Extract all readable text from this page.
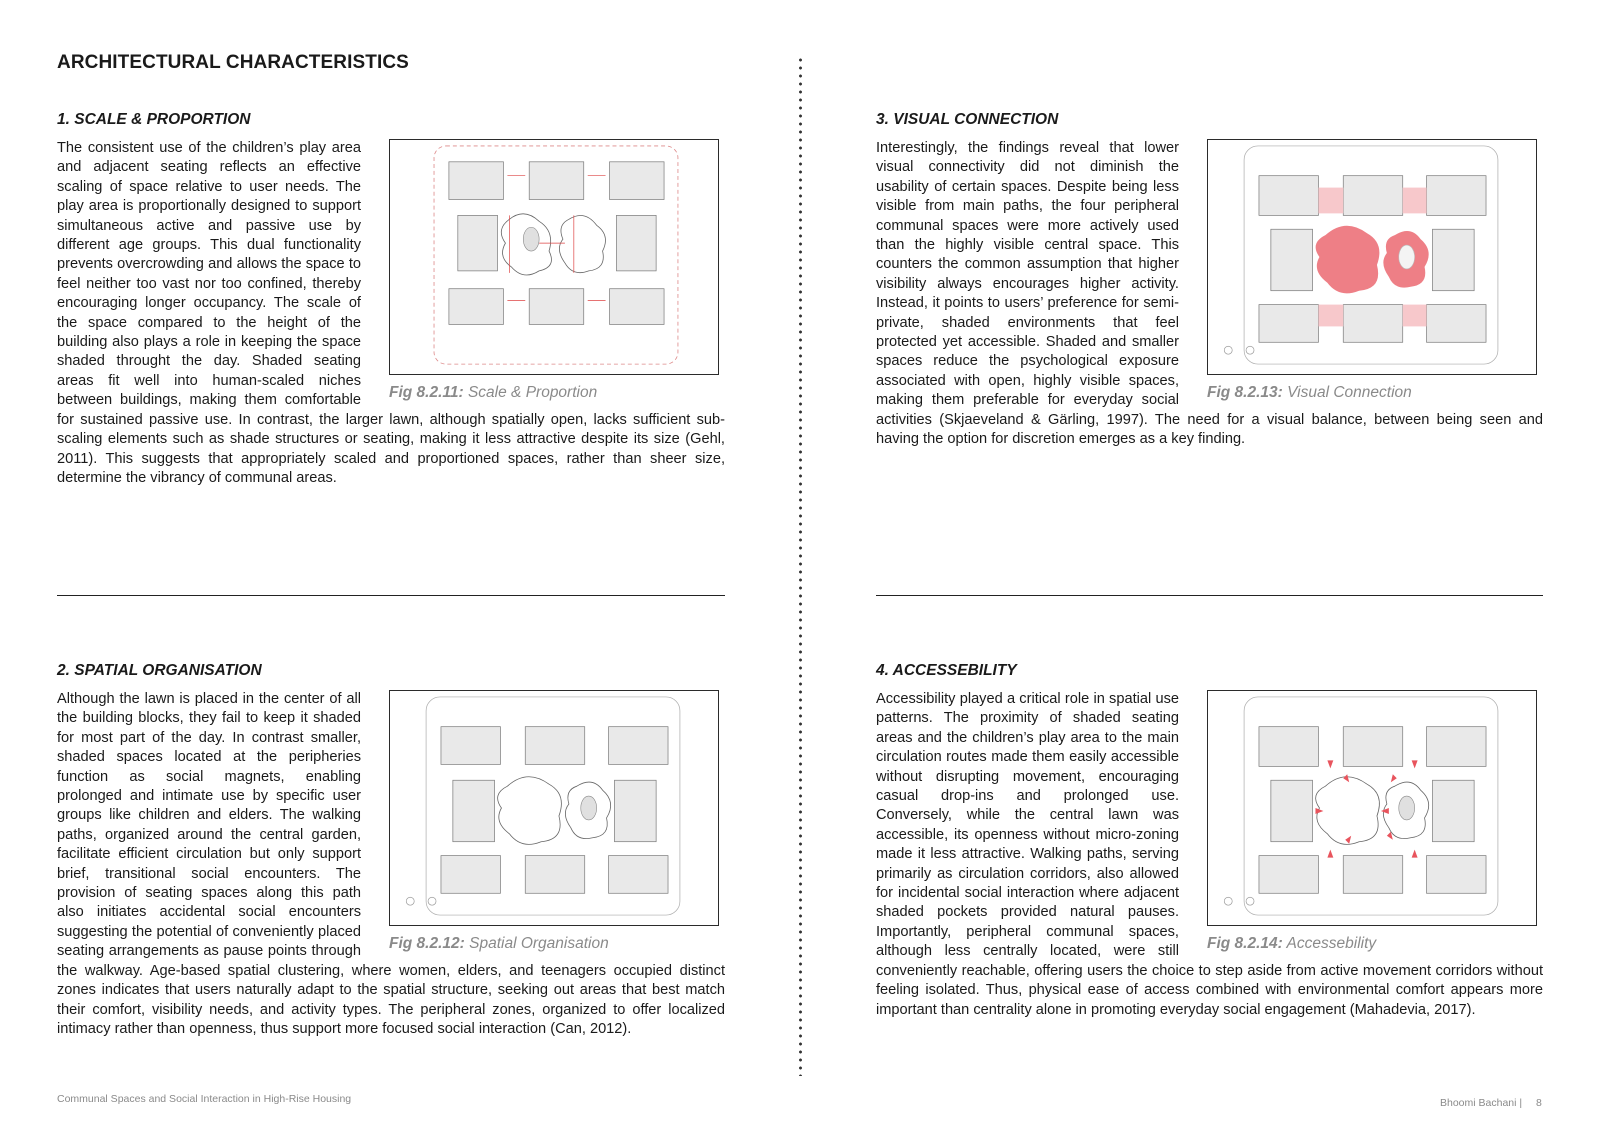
ARCHITECTURAL CHARACTERISTICS
1. SCALE & PROPORTION
Fig 8.2.11: Scale & Proportion

The consistent use of the children’s play area and adjacent seating reflects an effective scaling of space relative to user needs. The play area is proportionally designed to support simultaneous active and passive use by different age groups. This dual functionality prevents overcrowding and allows the space to feel neither too vast nor too confined, thereby encouraging longer occupancy. The scale of the space compared to the height of the building also plays a role in keeping the space shaded throught the day. Shaded seating areas fit well into human-scaled niches between buildings, making them comfortable for sustained passive use. In contrast, the larger lawn, although spatially open, lacks sufficient sub-scaling elements such as shade structures or seating, making it less attractive despite its size (Gehl, 2011). This suggests that appropriately scaled and proportioned spaces, rather than sheer size, determine the vibrancy of communal areas.

2. SPATIAL ORGANISATION
Fig 8.2.12: Spatial Organisation

Although the lawn is placed in the center of all the building blocks, they fail to keep it shaded for most part of the day. In contrast smaller, shaded spaces located at the peripheries function as social magnets, enabling prolonged and intimate use by specific user groups like children and elders. The walking paths, organized around the central garden, facilitate efficient circulation but only support brief, transitional social encounters. The provision of seating spaces along this path also initiates accidental social encounters suggesting the potential of conveniently placed seating arrangements as pause points through the walkway. Age-based spatial clustering, where women, elders, and teenagers occupied distinct zones indicates that users naturally adapt to the spatial structure, seeking out areas that best match their comfort, visibility needs, and activity types. The peripheral zones, organized to offer localized intimacy rather than openness, thus support more focused social interaction (Can, 2012).

3. VISUAL CONNECTION
Fig 8.2.13: Visual Connection

Interestingly, the findings reveal that lower visual connectivity did not diminish the usability of certain spaces. Despite being less visible from main paths, the four peripheral communal spaces were more actively used than the highly visible central space. This counters the common assumption that higher visibility always encourages higher activity. Instead, it points to users’ preference for semi-private, shaded environments that feel protected yet accessible. Shaded and smaller spaces reduce the psychological exposure associated with open, highly visible spaces, making them preferable for everyday social activities (Skjaeveland & Gärling, 1997). The need for a visual balance, between being seen and having the option for discretion emerges as a key finding.

4. ACCESSEBILITY
Fig 8.2.14: Accessebility

Accessibility played a critical role in spatial use patterns. The proximity of shaded seating areas and the children’s play area to the main circulation routes made them easily accessible without disrupting movement, encouraging casual drop-ins and prolonged use. Conversely, while the central lawn was accessible, its openness without micro-zoning made it less attractive. Walking paths, serving primarily as circulation corridors, also allowed for incidental social interaction where adjacent shaded pockets provided natural pauses. Importantly, peripheral communal spaces, although less centrally located, were still conveniently reachable, offering users the choice to step aside from active movement corridors without feeling isolated. Thus, physical ease of access combined with environmental comfort appears more important than centrality alone in promoting everyday social engagement (Mahadevia, 2017).

Communal Spaces and Social Interaction in High-Rise Housing	Bhoomi Bachani | 8
